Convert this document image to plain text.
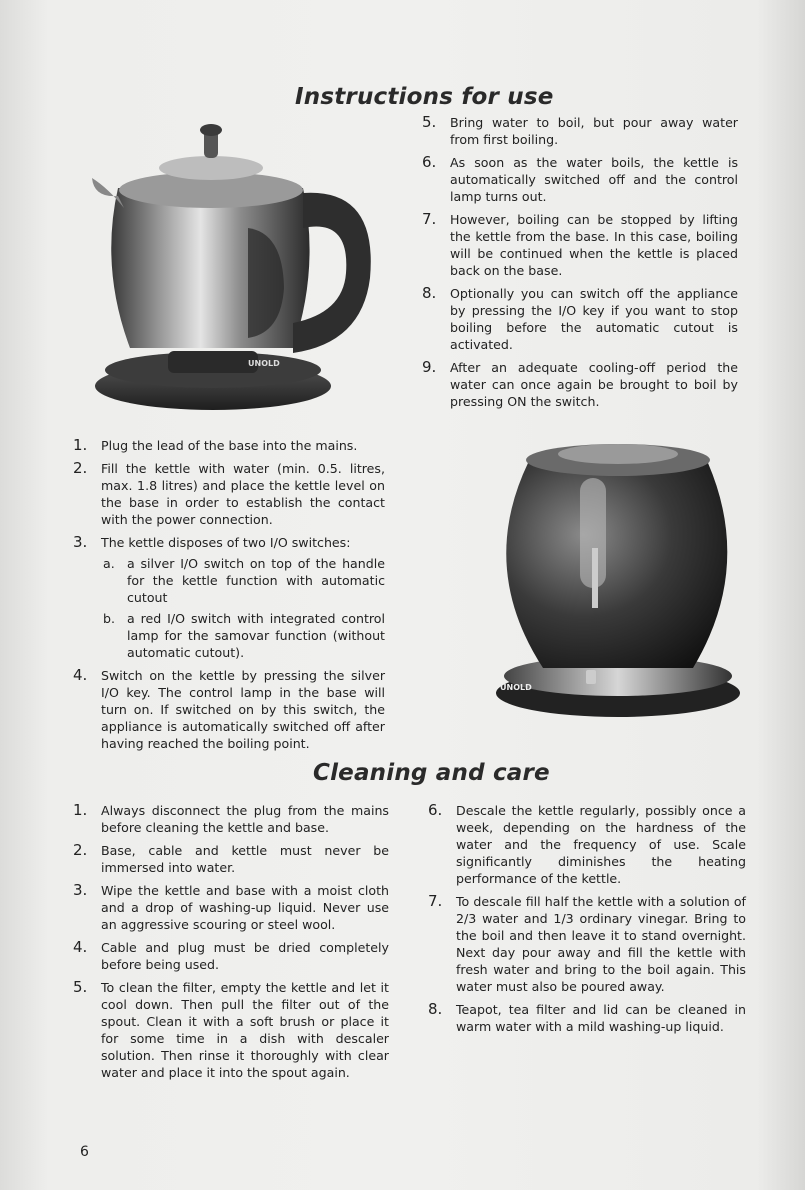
Instructions for use
UNOLD
5. Bring water to boil, but pour away water from first boiling.
6. As soon as the water boils, the kettle is automatically switched off and the control lamp turns out.
7. However, boiling can be stopped by lifting the kettle from the base. In this case, boiling will be continued when the kettle is placed back on the base.
8. Optionally you can switch off the appliance by pressing the I/O key if you want to stop boiling before the automatic cutout is activated.
9. After an adequate cooling-off period the water can once again be brought to boil by pressing ON the switch.
UNOLD
1. Plug the lead of the base into the mains.
2. Fill the kettle with water (min. 0.5. litres, max. 1.8 litres) and place the kettle level on the base in order to establish the contact with the power connection.
3. The kettle disposes of two I/O switches:
a. a silver I/O switch on top of the handle for the kettle function with automatic cutout
b. a red I/O switch with integrated control lamp for the samovar function (without automatic cutout).
4. Switch on the kettle by pressing the silver I/O key. The control lamp in the base will turn on. If switched on by this switch, the appliance is automatically switched off after having reached the boiling point.
Cleaning and care
1. Always disconnect the plug from the mains before cleaning the kettle and base.
2. Base, cable and kettle must never be immersed into water.
3. Wipe the kettle and base with a moist cloth and a drop of washing-up liquid. Never use an aggressive scouring or steel wool.
4. Cable and plug must be dried completely before being used.
5. To clean the filter, empty the kettle and let it cool down. Then pull the filter out of the spout. Clean it with a soft brush or place it for some time in a dish with descaler solution. Then rinse it thoroughly with clear water and place it into the spout again.
6. Descale the kettle regularly, possibly once a week, depending on the hardness of the water and the frequency of use. Scale significantly diminishes the heating performance of the kettle.
7. To descale fill half the kettle with a solution of 2/3 water and 1/3 ordinary vinegar. Bring to the boil and then leave it to stand overnight. Next day pour away and fill the kettle with fresh water and bring to the boil again. This water must also be poured away.
8. Teapot, tea filter and lid can be cleaned in warm water with a mild washing-up liquid.
6
